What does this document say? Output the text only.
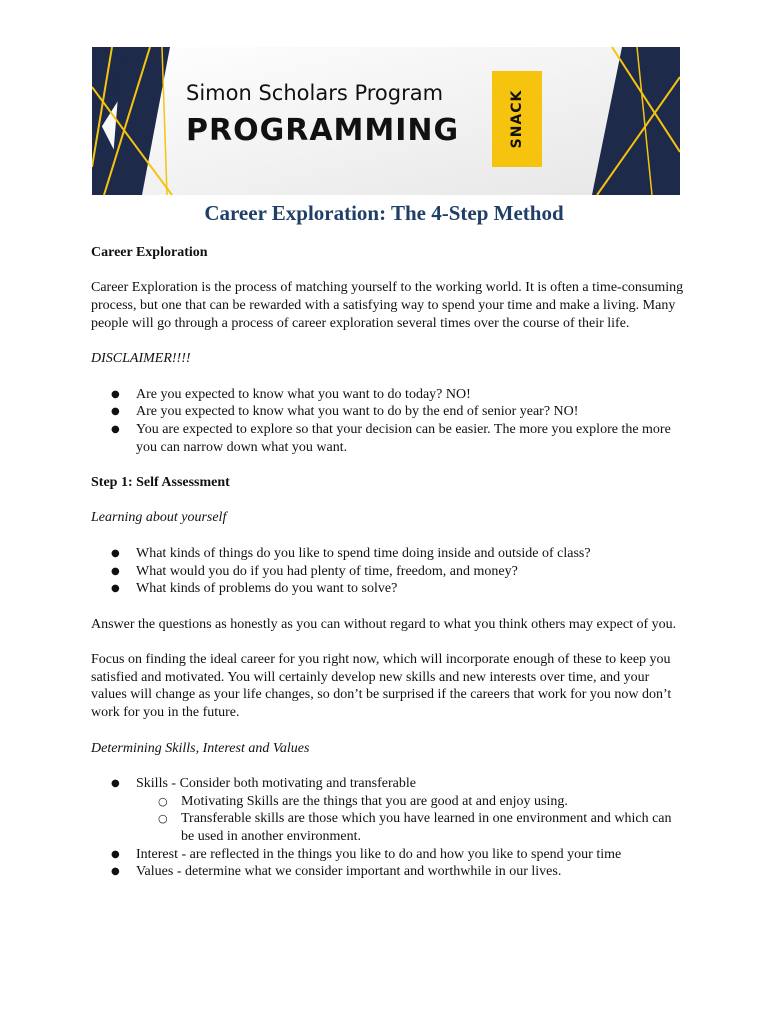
Simon Scholars Program
PROGRAMMING	SNACK
Career Exploration: The 4-Step Method

Career Exploration

Career Exploration is the process of matching yourself to the working world. It is often a time-consuming process, but one that can be rewarded with a satisfying way to spend your time and make a living. Many people will go through a process of career exploration several times over the course of their life.

DISCLAIMER!!!!

● Are you expected to know what you want to do today? NO!
● Are you expected to know what you want to do by the end of senior year? NO!
● You are expected to explore so that your decision can be easier. The more you explore the more you can narrow down what you want.

Step 1: Self Assessment

Learning about yourself

● What kinds of things do you like to spend time doing inside and outside of class?
● What would you do if you had plenty of time, freedom, and money?
● What kinds of problems do you want to solve?

Answer the questions as honestly as you can without regard to what you think others may expect of you.

Focus on finding the ideal career for you right now, which will incorporate enough of these to keep you satisfied and motivated. You will certainly develop new skills and new interests over time, and your values will change as your life changes, so don’t be surprised if the careers that work for you now don’t work for you in the future.

Determining Skills, Interest and Values

● Skills - Consider both motivating and transferable
○ Motivating Skills are the things that you are good at and enjoy using.
○ Transferable skills are those which you have learned in one environment and which can be used in another environment.
● Interest - are reflected in the things you like to do and how you like to spend your time
● Values - determine what we consider important and worthwhile in our lives.
